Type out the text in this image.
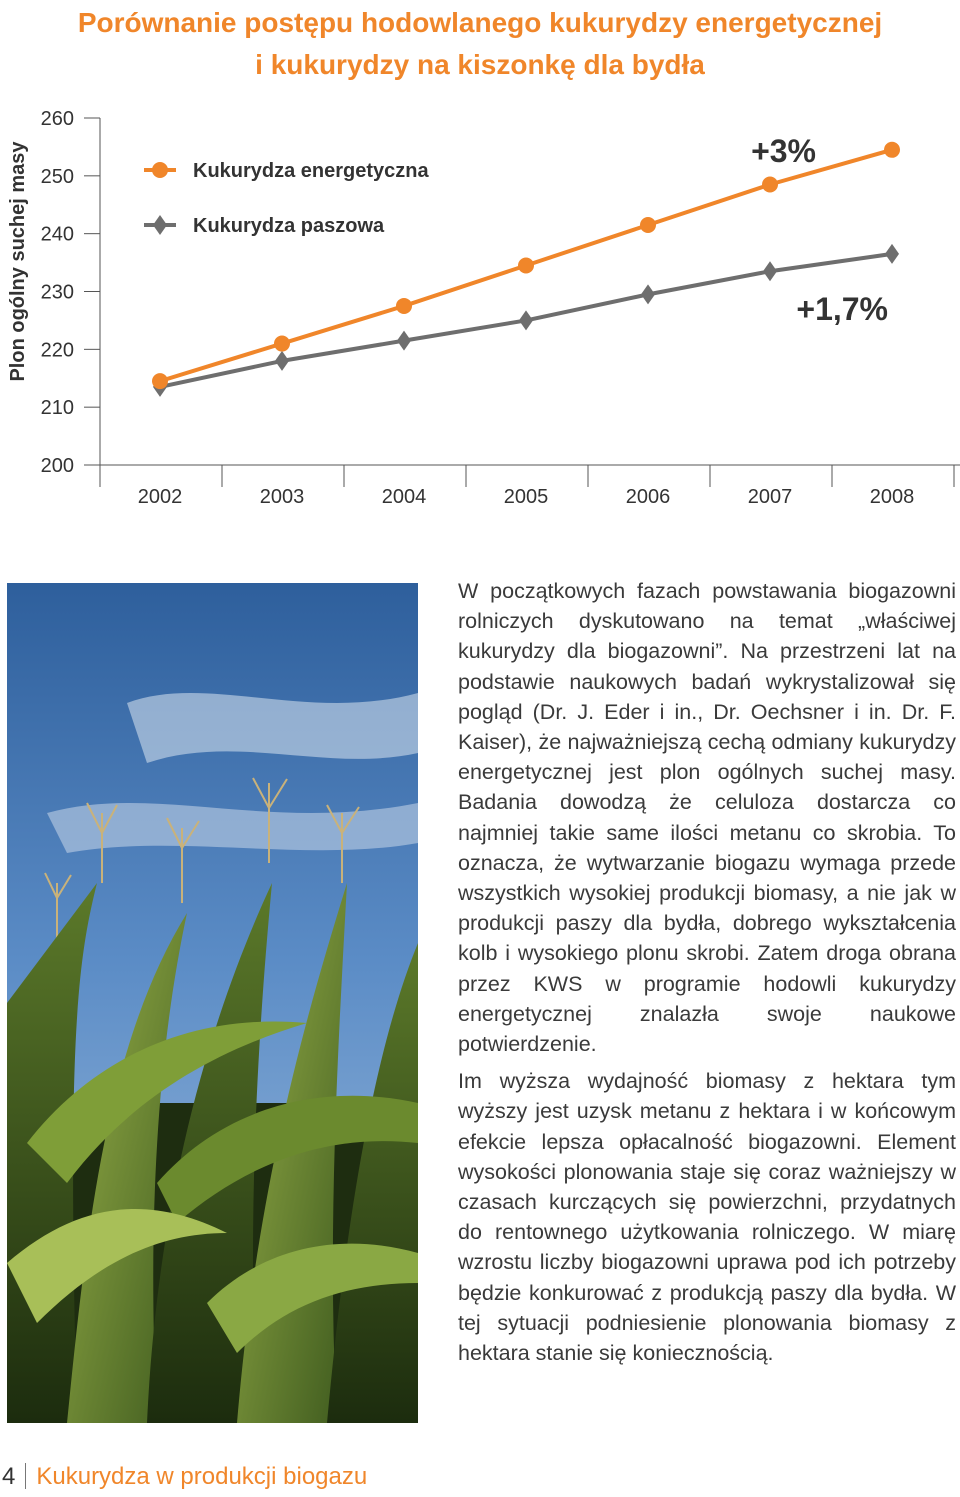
Porównanie postępu hodowlanego kukurydzy energetycznej
i kukurydzy na kiszonkę dla bydła
200
210
220
230
240
250
260
Plon ogólny suchej masy
2002	2003	2004	2005	2006	2007	2008
Kukurydza energetyczna
Kukurydza paszowa
+3%
+1,7%

W początkowych fazach powstawania biogazowni rolniczych dyskutowano na temat „właściwej kukurydzy dla biogazowni”. Na przestrzeni lat na podstawie naukowych badań wykrystalizował się pogląd (Dr. J. Eder i in., Dr. Oechsner i in. Dr. F. Kaiser), że najważniejszą cechą odmiany kukurydzy energetycznej jest plon ogólnych suchej masy. Badania dowodzą że celuloza dostarcza co najmniej takie same ilości metanu co skrobia. To oznacza, że wytwarzanie biogazu wymaga przede wszystkich wysokiej produkcji biomasy, a nie jak w produkcji paszy dla bydła, dobrego wykształcenia kolb i wysokiego plonu skrobi. Zatem droga obrana przez KWS w programie hodowli kukurydzy energetycznej znalazła swoje naukowe potwierdzenie.

Im wyższa wydajność biomasy z hektara tym wyższy jest uzysk metanu z hektara i w końcowym efekcie lepsza opłacalność biogazowni. Element wysokości plonowania staje się coraz ważniejszy w czasach kurczących się powierzchni, przydatnych do rentownego użytkowania rolniczego. W miarę wzrostu liczby biogazowni uprawa pod ich potrzeby będzie konkurować z produkcją paszy dla bydła. W tej sytuacji podniesienie plonowania biomasy z hektara stanie się koniecznością.

4 Kukurydza w produkcji biogazu
